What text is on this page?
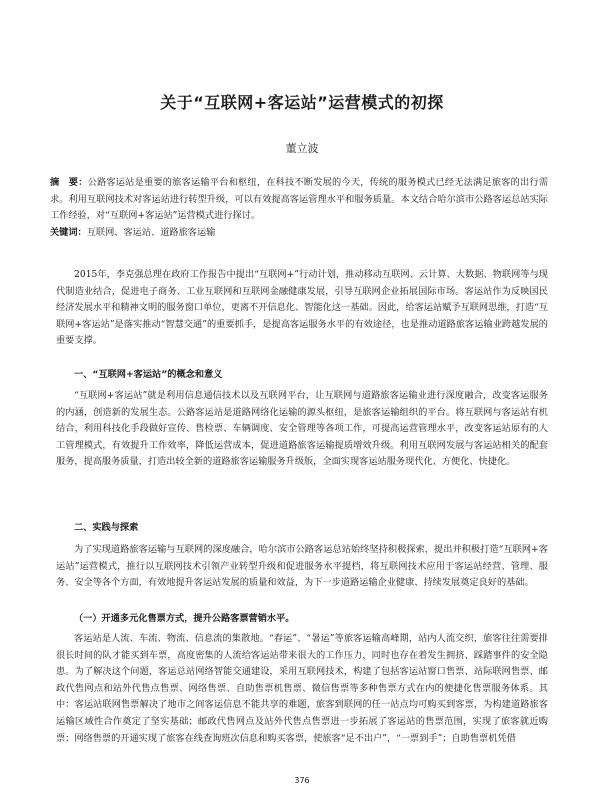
关于“互联网+客运站”运营模式的初探
董立波

摘　要：公路客运站是重要的旅客运输平台和枢纽，在科技不断发展的今天，传统的服务模式已经无法满足旅客的出行需求。利用互联网技术对客运站进行转型升级，可以有效提高客运管理水平和服务质量。本文结合哈尔滨市公路客运总站实际工作经验，对“互联网+客运站”运营模式进行探讨。

关键词：互联网、客运站、道路旅客运输

2015年，李克强总理在政府工作报告中提出“互联网+”行动计划，推动移动互联网、云计算、大数据、物联网等与现代制造业结合，促进电子商务、工业互联网和互联网金融健康发展，引导互联网企业拓展国际市场。客运站作为反映国民经济发展水平和精神文明的服务窗口单位，更离不开信息化、智能化这一基础。因此，给客运站赋予互联网思维，打造“互联网+客运站”是落实推动“智慧交通”的重要抓手，是提高客运服务水平的有效途径，也是推动道路旅客运输业跨越发展的重要支撑。

一、“互联网+客运站”的概念和意义

“互联网+客运站”就是利用信息通信技术以及互联网平台，让互联网与道路旅客运输业进行深度融合，改变客运服务的内涵，创造新的发展生态。公路客运站是道路网络化运输的源头枢纽，是旅客运输组织的平台。将互联网与客运站有机结合，利用科技化手段做好宣传、售检票、车辆调度、安全管理等各项工作，可提高运营管理水平，改变客运站原有的人工管理模式，有效提升工作效率，降低运营成本，促进道路旅客运输提质增效升级。利用互联网发展与客运站相关的配套服务，提高服务质量，打造出较全新的道路旅客运输服务升级版，全面实现客运站服务现代化、方便化、快捷化。

二、实践与探索

为了实现道路旅客运输与互联网的深度融合，哈尔滨市公路客运总站始终坚持积极探索，提出并积极打造“互联网+客运站”运营模式，推行以互联网技术引领产业转型升级和促进服务水平提档，将互联网技术应用于客运站经营、管理、服务、安全等各个方面，有效地提升客运站发展的质量和效益，为下一步道路运输企业健康、持续发展奠定良好的基础。

（一）开通多元化售票方式，提升公路客票营销水平。

客运站是人流、车流、物流、信息流的集散地。“春运”、“暑运”等旅客运输高峰期，站内人流交织，旅客往往需要排很长时间的队才能买到车票，高度密集的人流给客运站带来很大的工作压力，同时也存在着发生拥挤、踩踏事件的安全隐患。为了解决这个问题，客运总站网络智能交通建设，采用互联网技术，构建了包括客运站窗口售票、站际联网售票、邮政代售网点和站外代售点售票、网络售票、自助售票机售票、微信售票等多种售票方式在内的便捷化售票服务体系。其中：客运站联网售票解决了地市之间客运信息不能共享的难题，旅客到联网的任一站点均可购买到客票，为构建道路旅客运输区域性合作奠定了坚实基础；邮政代售网点及站外代售点售票进一步拓展了客运站的售票范围，实现了旅客就近购票；网络售票的开通实现了旅客在线查询班次信息和购买客票，使旅客“足不出户”，“一票到手”；自助售票机凭借

376
